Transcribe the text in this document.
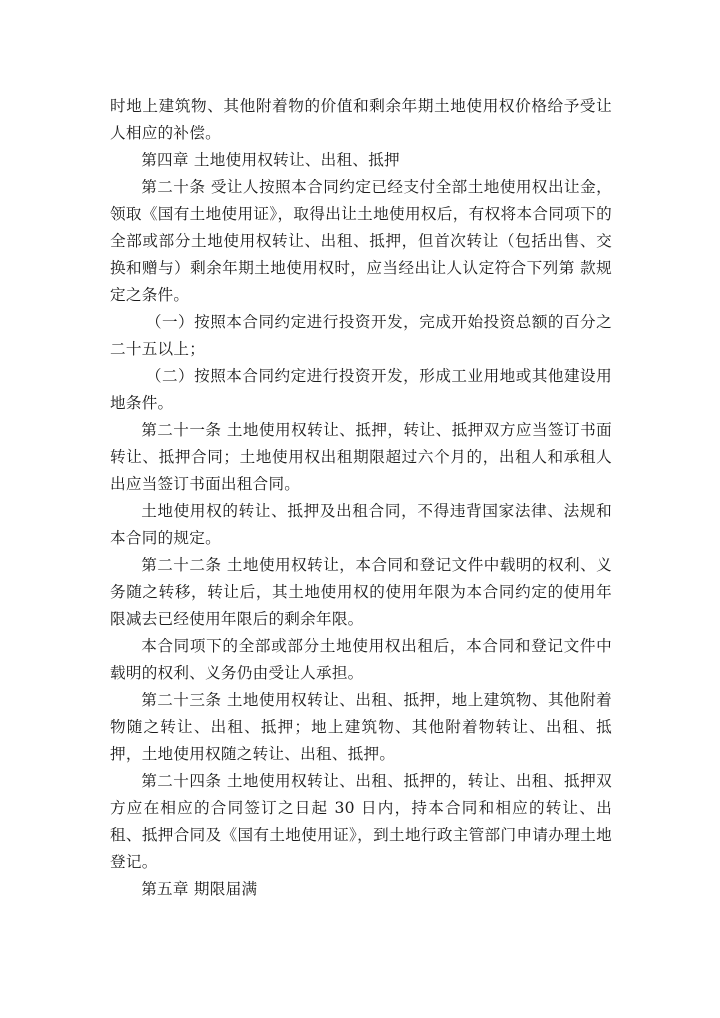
时地上建筑物、其他附着物的价值和剩余年期土地使用权价格给予受让人相应的补偿。

第四章 土地使用权转让、出租、抵押

第二十条 受让人按照本合同约定已经支付全部土地使用权出让金，领取《国有土地使用证》，取得出让土地使用权后，有权将本合同项下的全部或部分土地使用权转让、出租、抵押，但首次转让（包括出售、交换和赠与）剩余年期土地使用权时，应当经出让人认定符合下列第 款规定之条件。

（一）按照本合同约定进行投资开发，完成开始投资总额的百分之二十五以上；

（二）按照本合同约定进行投资开发，形成工业用地或其他建设用地条件。

第二十一条 土地使用权转让、抵押，转让、抵押双方应当签订书面转让、抵押合同；土地使用权出租期限超过六个月的，出租人和承租人出应当签订书面出租合同。

土地使用权的转让、抵押及出租合同，不得违背国家法律、法规和本合同的规定。

第二十二条 土地使用权转让，本合同和登记文件中载明的权利、义务随之转移，转让后，其土地使用权的使用年限为本合同约定的使用年限减去已经使用年限后的剩余年限。

本合同项下的全部或部分土地使用权出租后，本合同和登记文件中载明的权利、义务仍由受让人承担。

第二十三条 土地使用权转让、出租、抵押，地上建筑物、其他附着物随之转让、出租、抵押；地上建筑物、其他附着物转让、出租、抵押，土地使用权随之转让、出租、抵押。

第二十四条 土地使用权转让、出租、抵押的，转让、出租、抵押双方应在相应的合同签订之日起 30 日内，持本合同和相应的转让、出租、抵押合同及《国有土地使用证》，到土地行政主管部门申请办理土地登记。

第五章 期限届满
